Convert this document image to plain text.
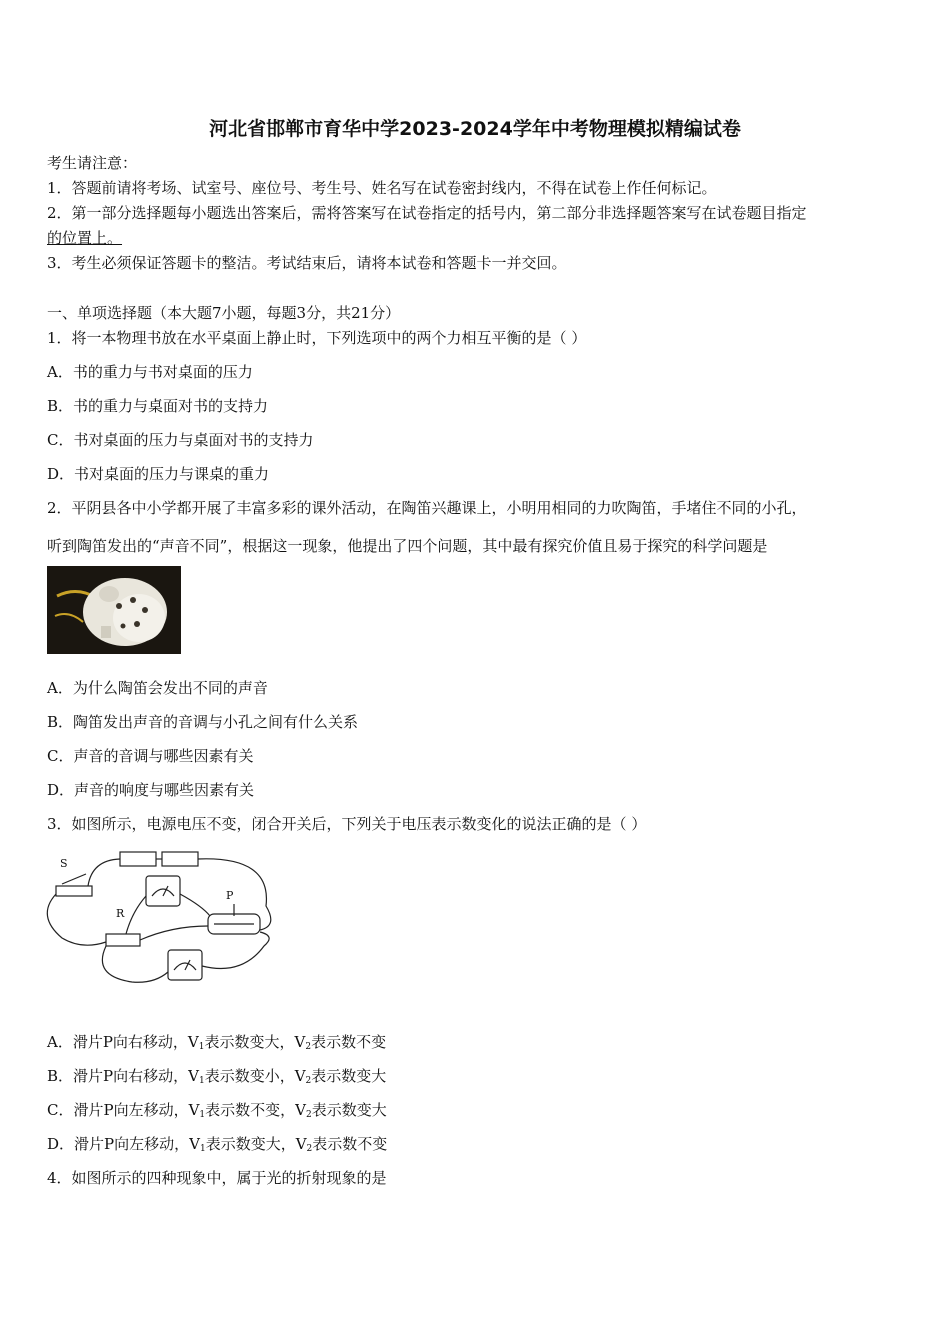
河北省邯郸市育华中学2023-2024学年中考物理模拟精编试卷
考生请注意：
1．答题前请将考场、试室号、座位号、考生号、姓名写在试卷密封线内，不得在试卷上作任何标记。
2．第一部分选择题每小题选出答案后，需将答案写在试卷指定的括号内，第二部分非选择题答案写在试卷题目指定
的位置上。
3．考生必须保证答题卡的整洁。考试结束后，请将本试卷和答题卡一并交回。
一、单项选择题（本大题7小题，每题3分，共21分）
1．将一本物理书放在水平桌面上静止时，下列选项中的两个力相互平衡的是（ ）
A．书的重力与书对桌面的压力
B．书的重力与桌面对书的支持力
C．书对桌面的压力与桌面对书的支持力
D．书对桌面的压力与课桌的重力
2．平阴县各中小学都开展了丰富多彩的课外活动，在陶笛兴趣课上，小明用相同的力吹陶笛，手堵住不同的小孔，
听到陶笛发出的“声音不同”，根据这一现象，他提出了四个问题，其中最有探究价值且易于探究的科学问题是
A．为什么陶笛会发出不同的声音
B．陶笛发出声音的音调与小孔之间有什么关系
C．声音的音调与哪些因素有关
D．声音的响度与哪些因素有关
3．如图所示，电源电压不变，闭合开关后，下列关于电压表示数变化的说法正确的是（ ）
S
R
P
A．滑片P向右移动，$V_1$表示数变大，$V_2$表示数不变
B．滑片P向右移动，$V_1$表示数变小，$V_2$表示数变大
C．滑片P向左移动，$V_1$表示数不变，$V_2$表示数变大
D．滑片P向左移动，$V_1$表示数变大，$V_2$表示数不变
4．如图所示的四种现象中，属于光的折射现象的是
